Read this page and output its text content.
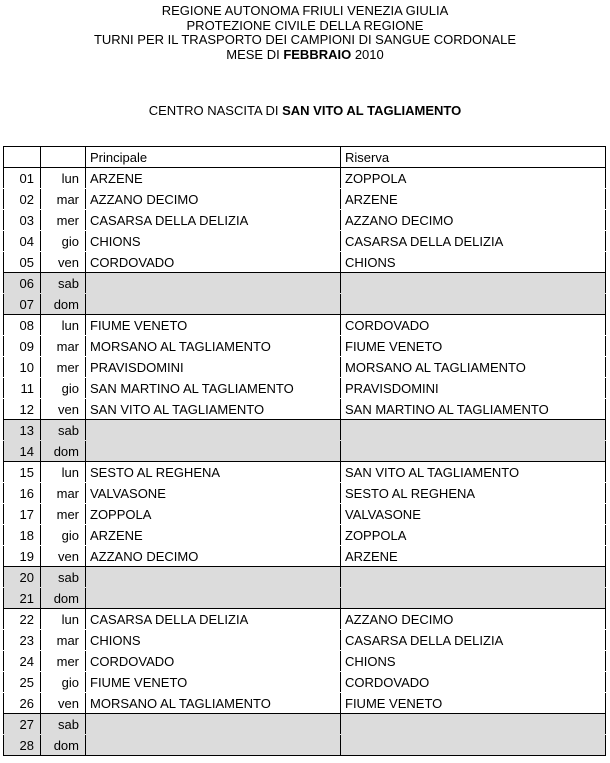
REGIONE AUTONOMA FRIULI VENEZIA GIULIA
PROTEZIONE CIVILE DELLA REGIONE
TURNI PER IL TRASPORTO DEI CAMPIONI DI SANGUE CORDONALE
MESE DI FEBBRAIO 2010
CENTRO NASCITA DI SAN VITO AL TAGLIAMENTO
		Principale	Riserva
01	lun	ARZENE	ZOPPOLA
02	mar	AZZANO DECIMO	ARZENE
03	mer	CASARSA DELLA DELIZIA	AZZANO DECIMO
04	gio	CHIONS	CASARSA DELLA DELIZIA
05	ven	CORDOVADO	CHIONS
06	sab		
07	dom		
08	lun	FIUME VENETO	CORDOVADO
09	mar	MORSANO AL TAGLIAMENTO	FIUME VENETO
10	mer	PRAVISDOMINI	MORSANO AL TAGLIAMENTO
11	gio	SAN MARTINO AL TAGLIAMENTO	PRAVISDOMINI
12	ven	SAN VITO AL TAGLIAMENTO	SAN MARTINO AL TAGLIAMENTO
13	sab		
14	dom		
15	lun	SESTO AL REGHENA	SAN VITO AL TAGLIAMENTO
16	mar	VALVASONE	SESTO AL REGHENA
17	mer	ZOPPOLA	VALVASONE
18	gio	ARZENE	ZOPPOLA
19	ven	AZZANO DECIMO	ARZENE
20	sab		
21	dom		
22	lun	CASARSA DELLA DELIZIA	AZZANO DECIMO
23	mar	CHIONS	CASARSA DELLA DELIZIA
24	mer	CORDOVADO	CHIONS
25	gio	FIUME VENETO	CORDOVADO
26	ven	MORSANO AL TAGLIAMENTO	FIUME VENETO
27	sab		
28	dom		
